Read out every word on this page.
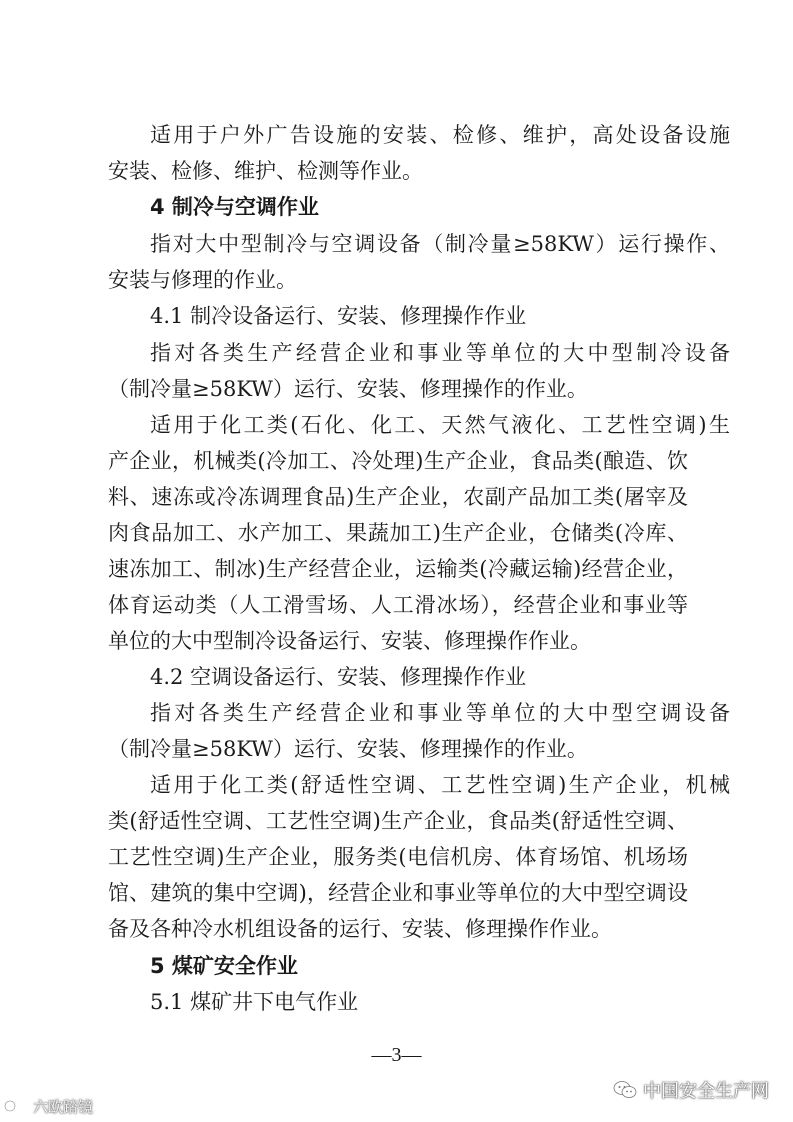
适用于户外广告设施的安装、检修、维护，高处设备设施
安装、检修、维护、检测等作业。
4 制冷与空调作业
指对大中型制冷与空调设备（制冷量≥58KW）运行操作、
安装与修理的作业。
4.1 制冷设备运行、安装、修理操作作业
指对各类生产经营企业和事业等单位的大中型制冷设备
（制冷量≥58KW）运行、安装、修理操作的作业。
适用于化工类(石化、化工、天然气液化、工艺性空调)生
产企业，机械类(冷加工、冷处理)生产企业，食品类(酿造、饮
料、速冻或冷冻调理食品)生产企业，农副产品加工类(屠宰及
肉食品加工、水产加工、果蔬加工)生产企业，仓储类(冷库、
速冻加工、制冰)生产经营企业，运输类(冷藏运输)经营企业，
体育运动类（人工滑雪场、人工滑冰场），经营企业和事业等
单位的大中型制冷设备运行、安装、修理操作作业。
4.2 空调设备运行、安装、修理操作作业
指对各类生产经营企业和事业等单位的大中型空调设备
（制冷量≥58KW）运行、安装、修理操作的作业。
适用于化工类(舒适性空调、工艺性空调)生产企业，机械
类(舒适性空调、工艺性空调)生产企业，食品类(舒适性空调、
工艺性空调)生产企业，服务类(电信机房、体育场馆、机场场
馆、建筑的集中空调)，经营企业和事业等单位的大中型空调设
备及各种冷水机组设备的运行、安装、修理操作作业。
5 煤矿安全作业
5.1 煤矿井下电气作业
—3—
六欧踏镜
中国安全生产网
